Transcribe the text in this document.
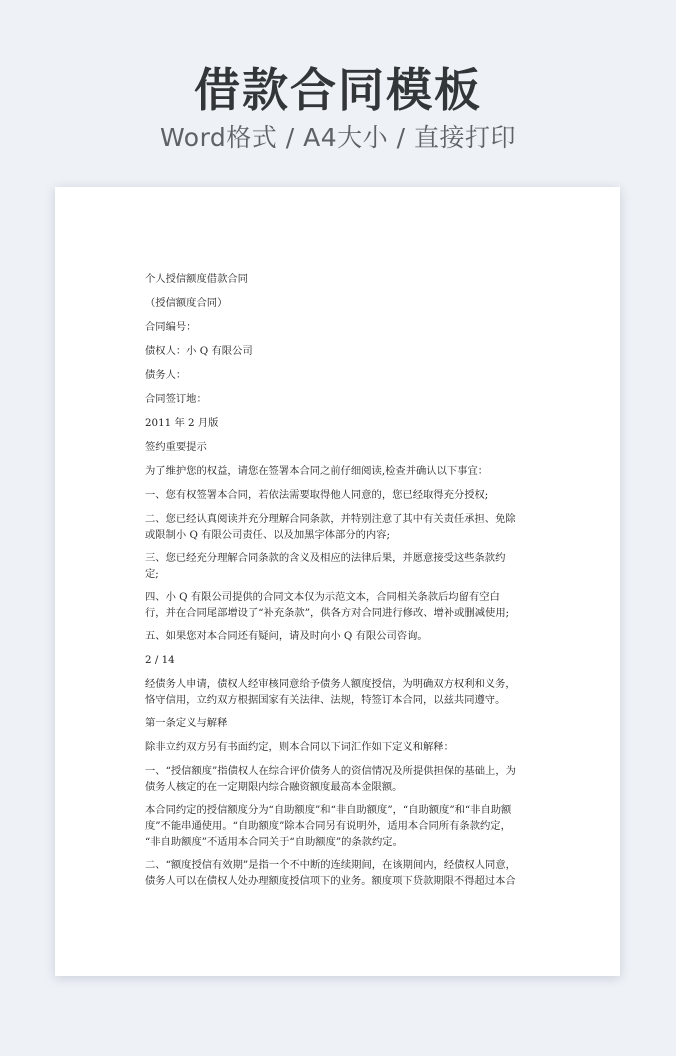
借款合同模板
Word格式 / A4大小 / 直接打印

个人授信额度借款合同

（授信额度合同）

合同编号：

债权人：小 Q 有限公司

债务人：

合同签订地：

2011 年 2 月版

签约重要提示

为了维护您的权益，请您在签署本合同之前仔细阅读,检查并确认以下事宜：

一、您有权签署本合同，若依法需要取得他人同意的，您已经取得充分授权;

二、您已经认真阅读并充分理解合同条款，并特别注意了其中有关责任承担、免除
或限制小 Q 有限公司责任、以及加黑字体部分的内容;

三、您已经充分理解合同条款的含义及相应的法律后果，并愿意接受这些条款约
定;

四、小 Q 有限公司提供的合同文本仅为示范文本，合同相关条款后均留有空白
行，并在合同尾部增设了“补充条款”，供各方对合同进行修改、增补或删减使用;

五、如果您对本合同还有疑问，请及时向小 Q 有限公司咨询。

2 / 14

经债务人申请，债权人经审核同意给予债务人额度授信，为明确双方权利和义务，
恪守信用，立约双方根据国家有关法律、法规，特签订本合同，以兹共同遵守。

第一条定义与解释

除非立约双方另有书面约定，则本合同以下词汇作如下定义和解释：

一、“授信额度”指债权人在综合评价债务人的资信情况及所提供担保的基础上，为
债务人核定的在一定期限内综合融资额度最高本金限额。

本合同约定的授信额度分为“自助额度”和“非自助额度”，“自助额度”和“非自助额
度”不能串通使用。“自助额度”除本合同另有说明外，适用本合同所有条款约定，
“非自助额度”不适用本合同关于“自助额度”的条款约定。

二、“额度授信有效期”是指一个不中断的连续期间，在该期间内，经债权人同意，
债务人可以在债权人处办理额度授信项下的业务。额度项下贷款期限不得超过本合
